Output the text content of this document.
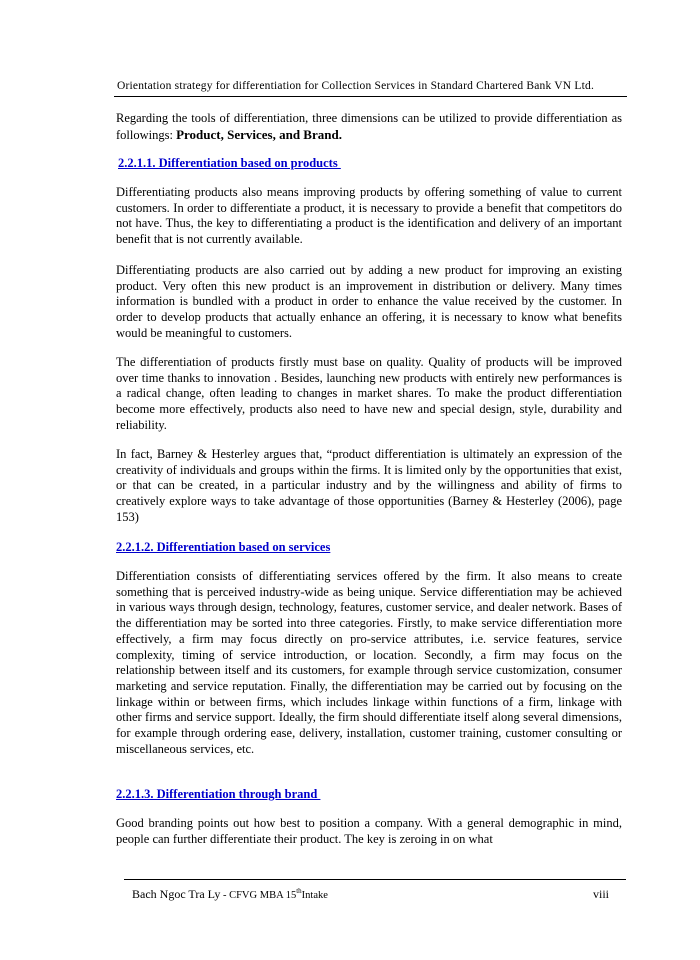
Orientation strategy for differentiation for Collection Services in Standard Chartered Bank VN Ltd.

Regarding the tools of differentiation, three dimensions can be utilized to provide differentiation as followings: Product, Services, and Brand.

2.2.1.1. Differentiation based on products

Differentiating products also means improving products by offering something of value to current customers. In order to differentiate a product, it is necessary to provide a benefit that competitors do not have. Thus, the key to differentiating a product is the identification and delivery of an important benefit that is not currently available.

Differentiating products are also carried out by adding a new product for improving an existing product. Very often this new product is an improvement in distribution or delivery. Many times information is bundled with a product in order to enhance the value received by the customer. In order to develop products that actually enhance an offering, it is necessary to know what benefits would be meaningful to customers.

The differentiation of products firstly must base on quality. Quality of products will be improved over time thanks to innovation . Besides, launching new products with entirely new performances is a radical change, often leading to changes in market shares. To make the product differentiation become more effectively, products also need to have new and special design, style, durability and reliability.

In fact, Barney & Hesterley argues that, “product differentiation is ultimately an expression of the creativity of individuals and groups within the firms. It is limited only by the opportunities that exist, or that can be created, in a particular industry and by the willingness and ability of firms to creatively explore ways to take advantage of those opportunities (Barney & Hesterley (2006), page 153)

2.2.1.2. Differentiation based on services

Differentiation consists of differentiating services offered by the firm. It also means to create something that is perceived industry-wide as being unique. Service differentiation may be achieved in various ways through design, technology, features, customer service, and dealer network. Bases of the differentiation may be sorted into three categories. Firstly, to make service differentiation more effectively, a firm may focus directly on pro-service attributes, i.e. service features, service complexity, timing of service introduction, or location. Secondly, a firm may focus on the relationship between itself and its customers, for example through service customization, consumer marketing and service reputation. Finally, the differentiation may be carried out by focusing on the linkage within or between firms, which includes linkage within functions of a firm, linkage with other firms and service support. Ideally, the firm should differentiate itself along several dimensions, for example through ordering ease, delivery, installation, customer training, customer consulting or miscellaneous services, etc.

2.2.1.3. Differentiation through brand

Good branding points out how best to position a company. With a general demographic in mind, people can further differentiate their product. The key is zeroing in on what

Bach Ngoc Tra Ly - CFVG MBA 15thIntake	viii
